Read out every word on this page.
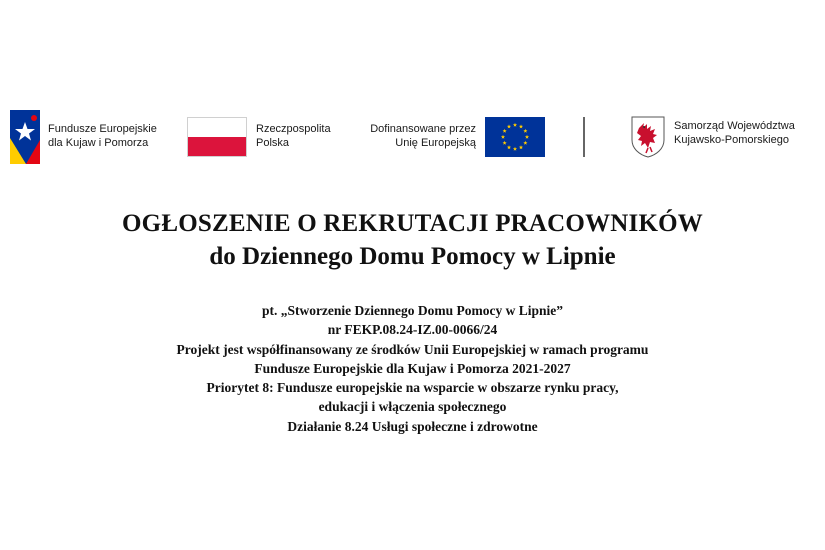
Fundusze Europejskie
dla Kujaw i Pomorza
Rzeczpospolita
Polska
Dofinansowane przez
Unię Europejską
Samorząd Województwa
Kujawsko-Pomorskiego
OGŁOSZENIE O REKRUTACJI PRACOWNIKÓW
do Dziennego Domu Pomocy w Lipnie
pt. „Stworzenie Dziennego Domu Pomocy w Lipnie”
nr FEKP.08.24-IZ.00-0066/24
Projekt jest współfinansowany ze środków Unii Europejskiej w ramach programu
Fundusze Europejskie dla Kujaw i Pomorza 2021-2027
Priorytet 8: Fundusze europejskie na wsparcie w obszarze rynku pracy,
edukacji i włączenia społecznego
Działanie 8.24 Usługi społeczne i zdrowotne
